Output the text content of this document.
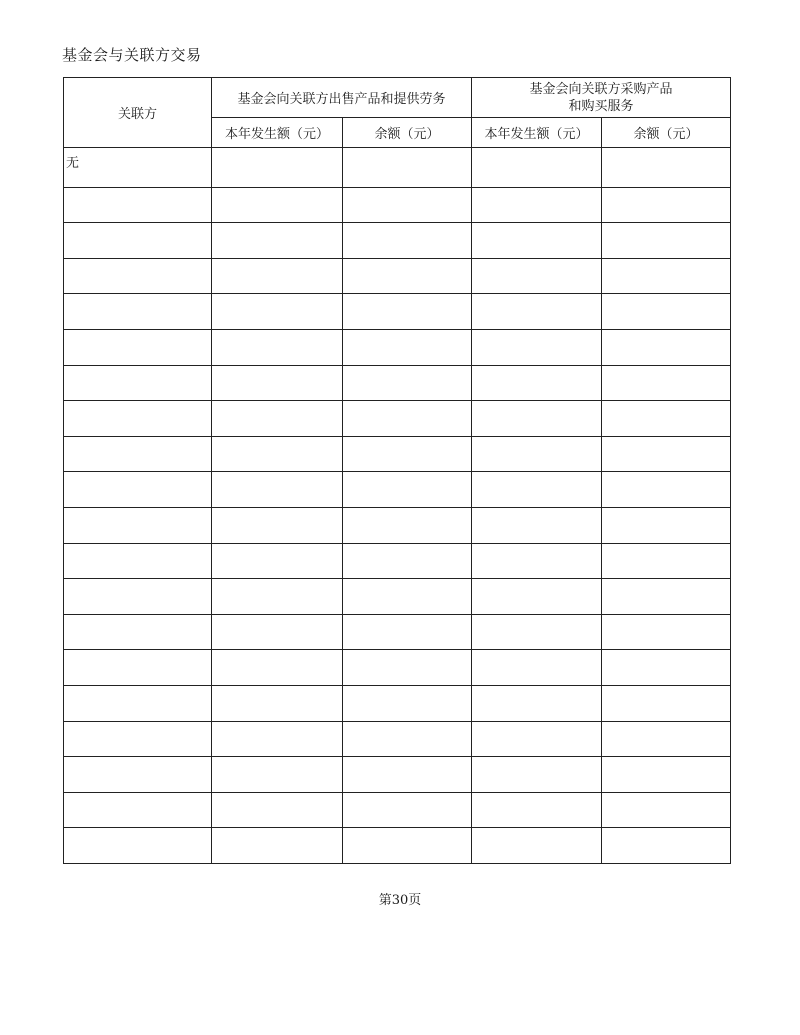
基金会与关联方交易
关联方	基金会向关联方出售产品和提供劳务		基金会向关联方采购产品
和购买服务	

	本年发生额（元）	余额（元）	本年发生额（元）	余额（元）
无				

第30页
